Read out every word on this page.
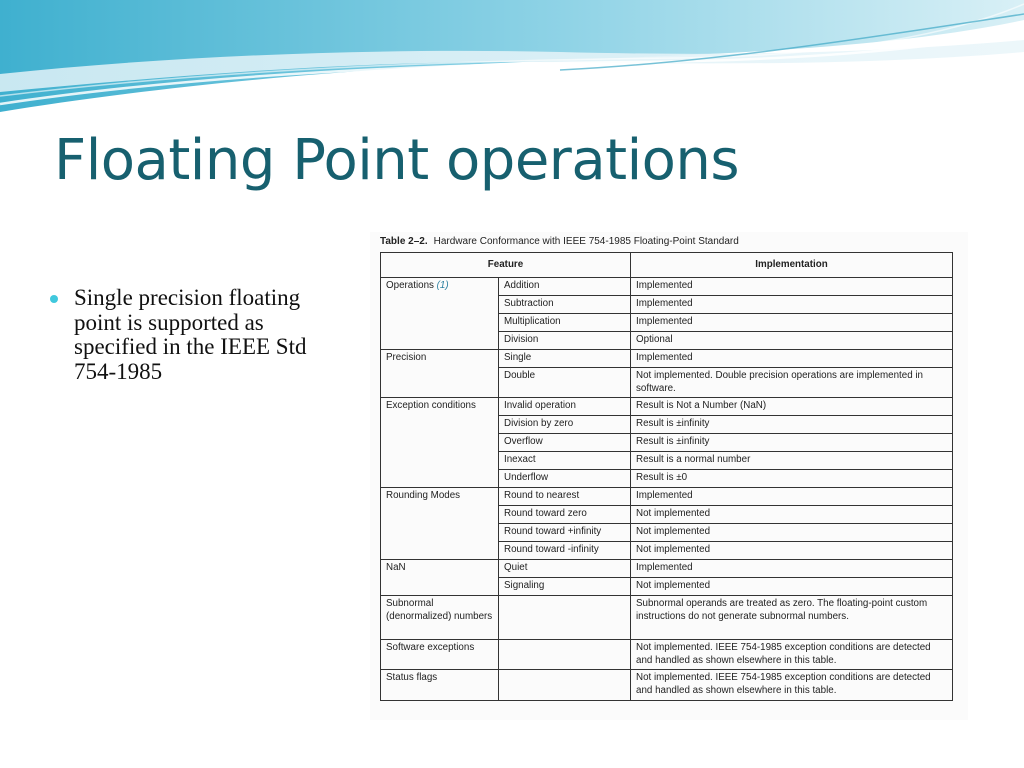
Floating Point operations
Single precision floating point is supported as specified in the IEEE Std 754-1985
Table 2–2. Hardware Conformance with IEEE 754-1985 Floating-Point Standard
Feature		Implementation
Operations (1)	Addition	Implemented
	Subtraction	Implemented
	Multiplication	Implemented
	Division	Optional
Precision	Single	Implemented
	Double	Not implemented. Double precision operations are implemented in software.
Exception conditions	Invalid operation	Result is Not a Number (NaN)
	Division by zero	Result is ±infinity
	Overflow	Result is ±infinity
	Inexact	Result is a normal number
	Underflow	Result is ±0
Rounding Modes	Round to nearest	Implemented
	Round toward zero	Not implemented
	Round toward +infinity	Not implemented
	Round toward -infinity	Not implemented
NaN	Quiet	Implemented
	Signaling	Not implemented
Subnormal (denormalized) numbers		Subnormal operands are treated as zero. The floating-point custom instructions do not generate subnormal numbers.
Software exceptions		Not implemented. IEEE 754-1985 exception conditions are detected and handled as shown elsewhere in this table.
Status flags		Not implemented. IEEE 754-1985 exception conditions are detected and handled as shown elsewhere in this table.
